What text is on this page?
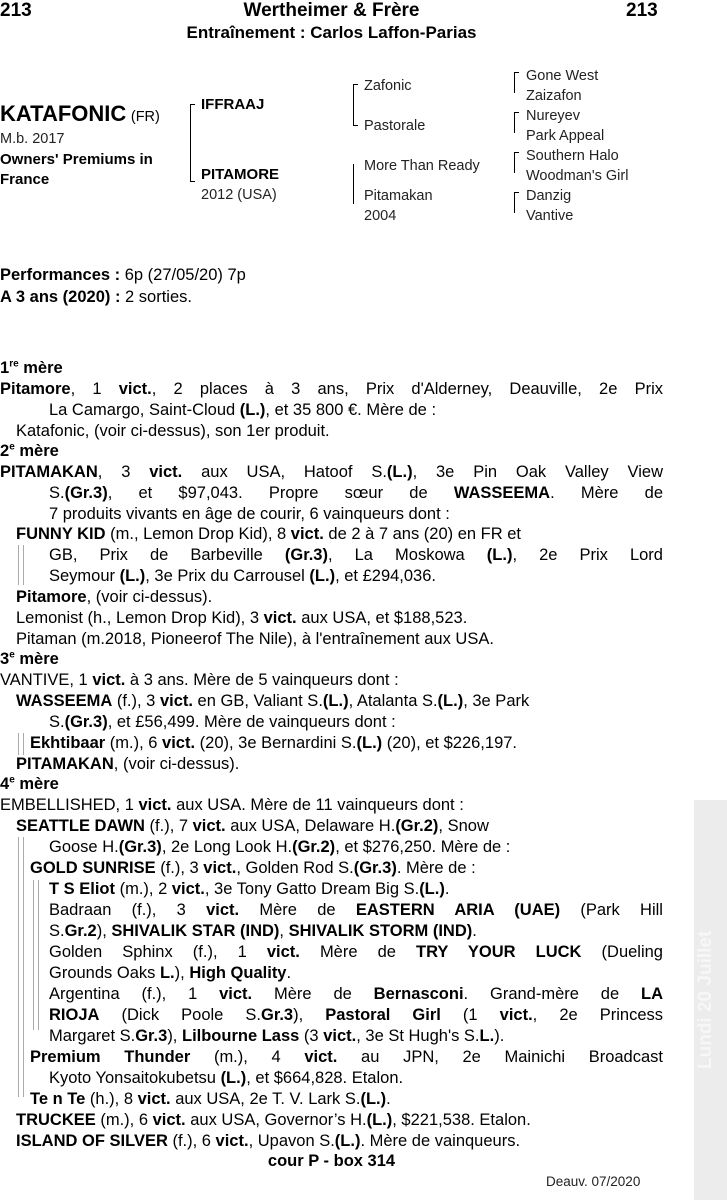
213	Wertheimer & Frère	213
Entraînement : Carlos Laffon-Parias
KATAFONIC (FR)
M.b. 2017
Owners' Premiums in
France
IFFRAAJ
PITAMORE
2012 (USA)
Zafonic
Pastorale
More Than Ready
Pitamakan
2004
Gone West
Zaizafon
Nureyev
Park Appeal
Southern Halo
Woodman's Girl
Danzig
Vantive
Performances : 6p (27/05/20) 7p
A 3 ans (2020) : 2 sorties.
1re mère
Pitamore, 1 vict., 2 places à 3 ans, Prix d'Alderney, Deauville, 2e Prix
La Camargo, Saint-Cloud (L.), et 35 800 €. Mère de :
Katafonic, (voir ci-dessus), son 1er produit.
2e mère
PITAMAKAN, 3 vict. aux USA, Hatoof S.(L.), 3e Pin Oak Valley View
S.(Gr.3), et $97,043. Propre sœur de WASSEEMA. Mère de
7 produits vivants en âge de courir, 6 vainqueurs dont :
FUNNY KID (m., Lemon Drop Kid), 8 vict. de 2 à 7 ans (20) en FR et
GB, Prix de Barbeville (Gr.3), La Moskowa (L.), 2e Prix Lord
Seymour (L.), 3e Prix du Carrousel (L.), et £294,036.
Pitamore, (voir ci-dessus).
Lemonist (h., Lemon Drop Kid), 3 vict. aux USA, et $188,523.
Pitaman (m.2018, Pioneerof The Nile), à l'entraînement aux USA.
3e mère
VANTIVE, 1 vict. à 3 ans. Mère de 5 vainqueurs dont :
WASSEEMA (f.), 3 vict. en GB, Valiant S.(L.), Atalanta S.(L.), 3e Park
S.(Gr.3), et £56,499. Mère de vainqueurs dont :
Ekhtibaar (m.), 6 vict. (20), 3e Bernardini S.(L.) (20), et $226,197.
PITAMAKAN, (voir ci-dessus).
4e mère
EMBELLISHED, 1 vict. aux USA. Mère de 11 vainqueurs dont :
SEATTLE DAWN (f.), 7 vict. aux USA, Delaware H.(Gr.2), Snow
Goose H.(Gr.3), 2e Long Look H.(Gr.2), et $276,250. Mère de :
GOLD SUNRISE (f.), 3 vict., Golden Rod S.(Gr.3). Mère de :
T S Eliot (m.), 2 vict., 3e Tony Gatto Dream Big S.(L.).
Badraan (f.), 3 vict. Mère de EASTERN ARIA (UAE) (Park Hill
S.Gr.2), SHIVALIK STAR (IND), SHIVALIK STORM (IND).
Golden Sphinx (f.), 1 vict. Mère de TRY YOUR LUCK (Dueling
Grounds Oaks L.), High Quality.
Argentina (f.), 1 vict. Mère de Bernasconi. Grand-mère de LA
RIOJA (Dick Poole S.Gr.3), Pastoral Girl (1 vict., 2e Princess
Margaret S.Gr.3), Lilbourne Lass (3 vict., 3e St Hugh's S.L.).
Premium Thunder (m.), 4 vict. au JPN, 2e Mainichi Broadcast
Kyoto Yonsaitokubetsu (L.), et $664,828. Etalon.
Te n Te (h.), 8 vict. aux USA, 2e T. V. Lark S.(L.).
TRUCKEE (m.), 6 vict. aux USA, Governor’s H.(L.), $221,538. Etalon.
ISLAND OF SILVER (f.), 6 vict., Upavon S.(L.). Mère de vainqueurs.
cour P - box 314
Deauv. 07/2020
Lundi 20 Juillet
